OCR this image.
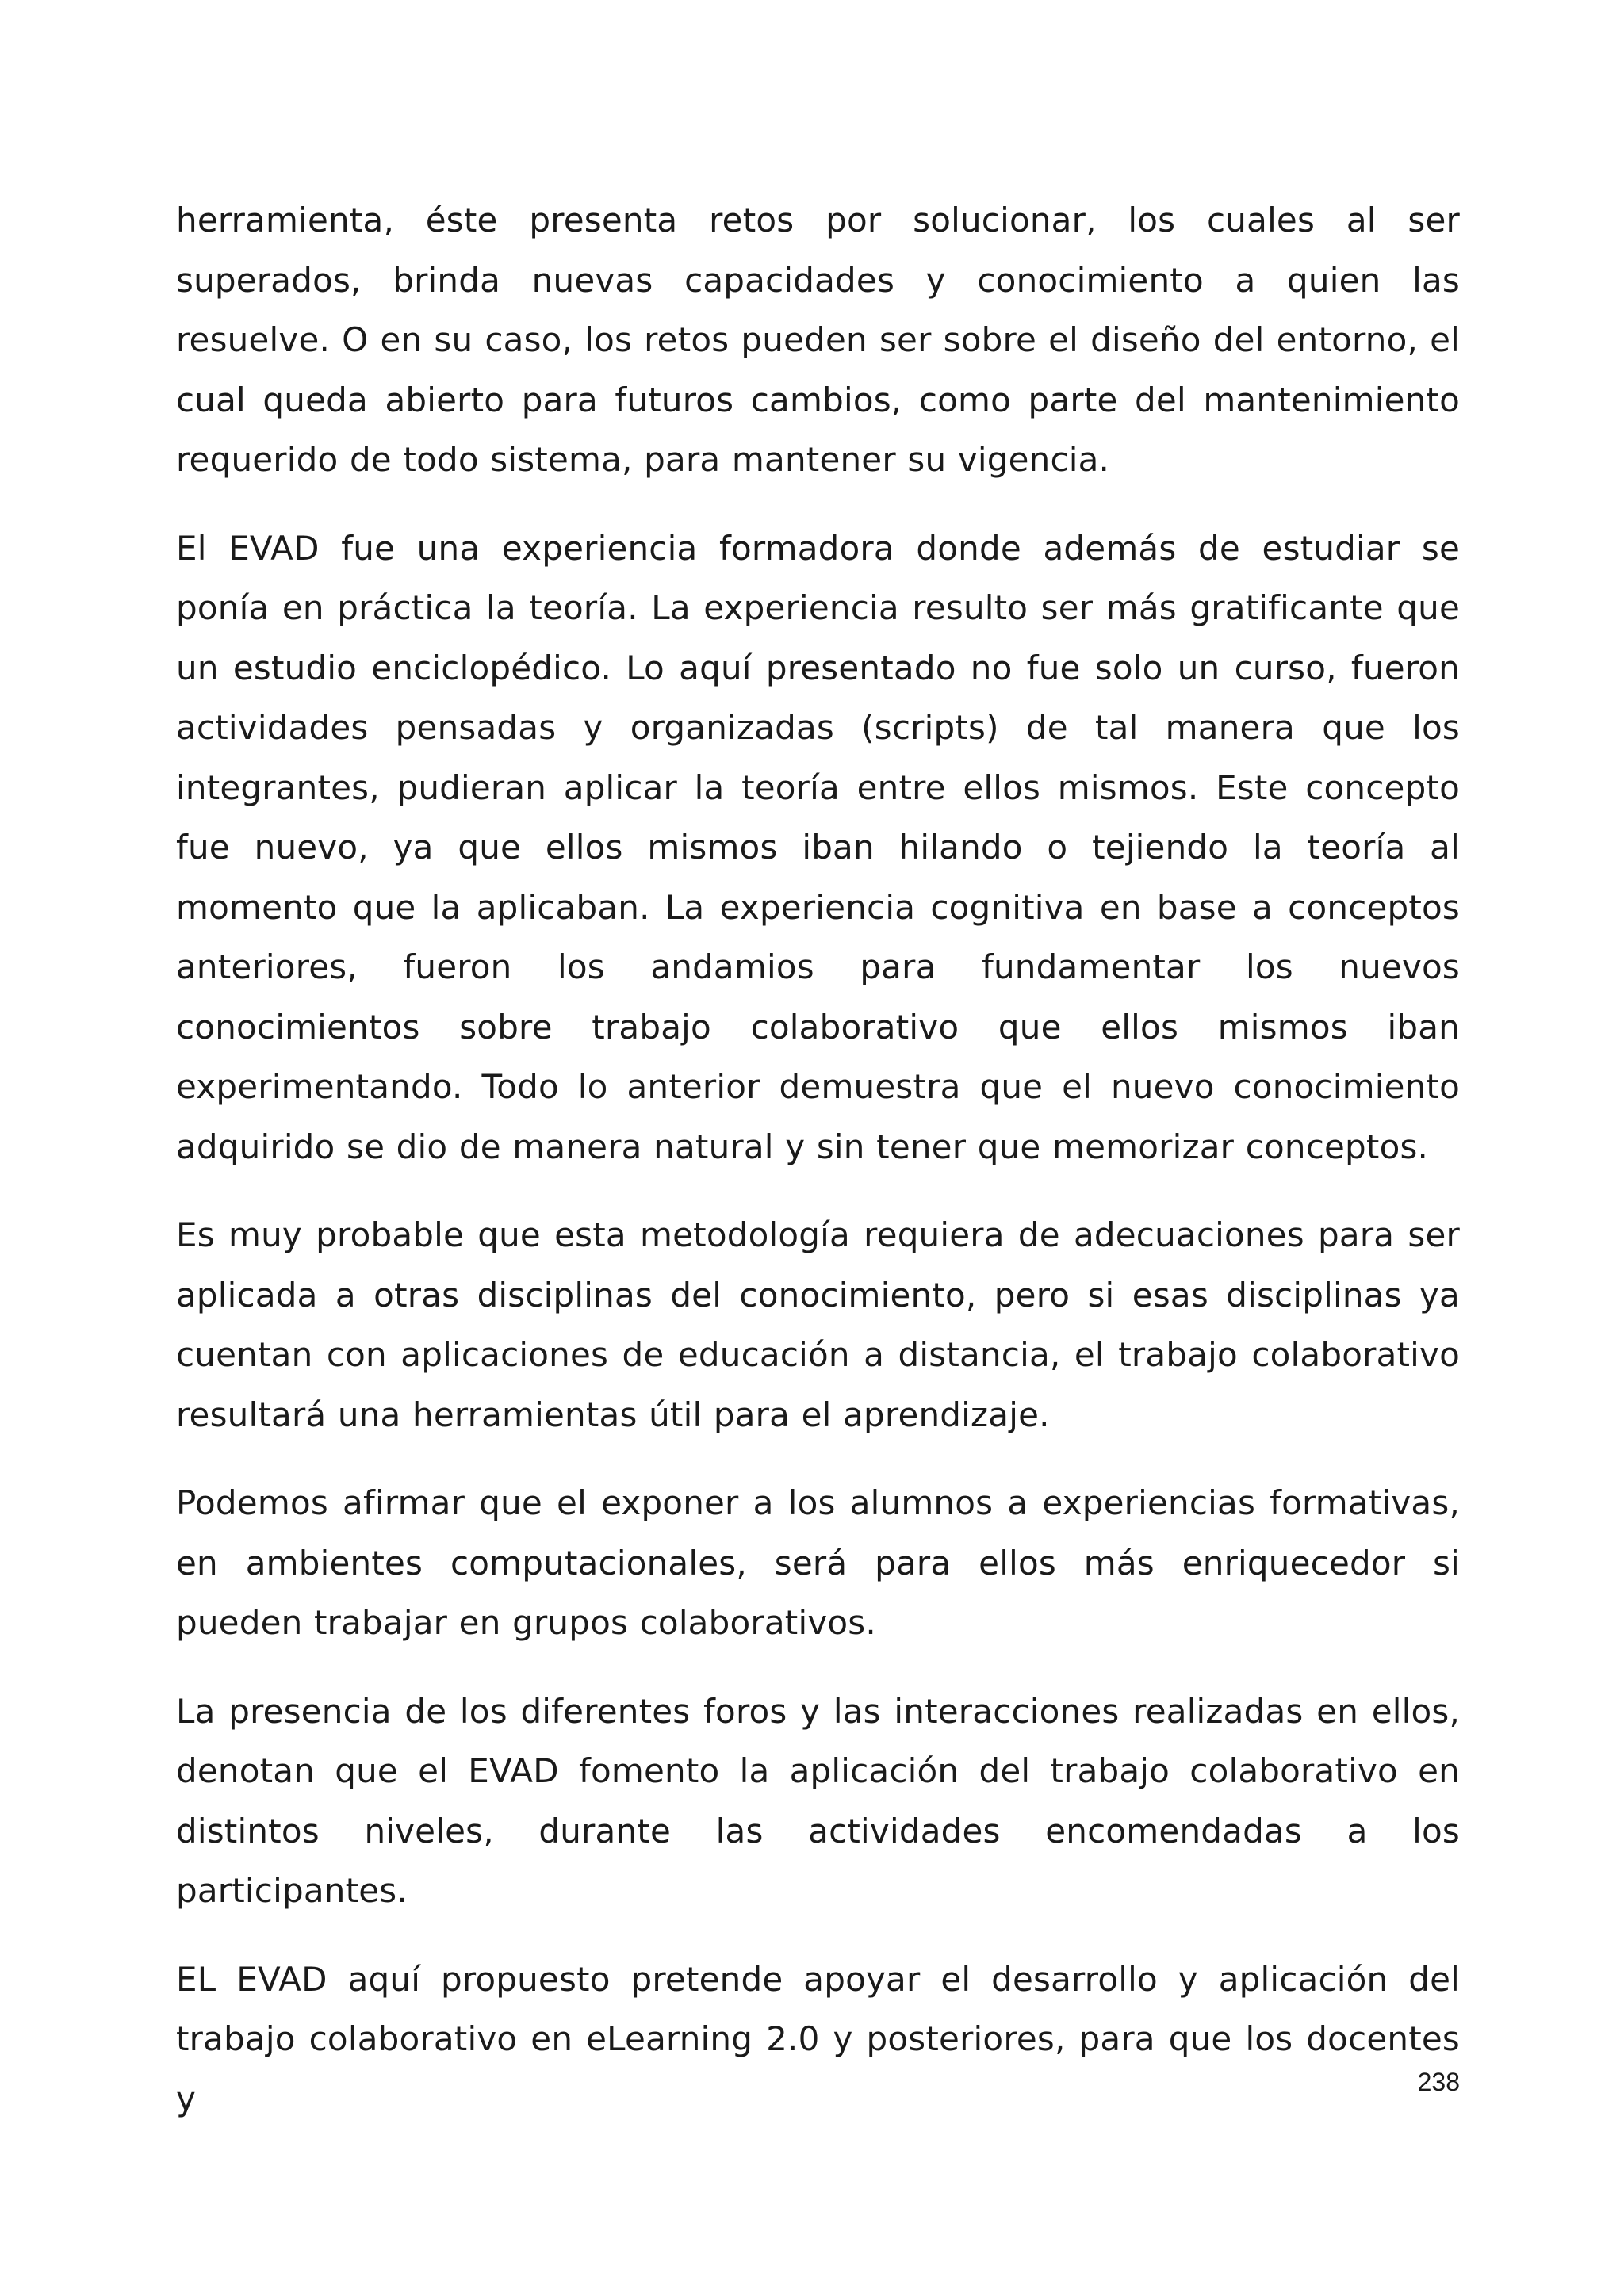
herramienta, éste presenta retos por solucionar, los cuales al ser superados, brinda nuevas capacidades y conocimiento a quien las resuelve. O en su caso, los retos pueden ser sobre el diseño del entorno, el cual queda abierto para futuros cambios, como parte del mantenimiento requerido de todo sistema, para mantener su vigencia.

El EVAD fue una experiencia formadora donde además de estudiar se ponía en práctica la teoría. La experiencia resulto ser más gratificante que un estudio enciclopédico. Lo aquí presentado no fue solo un curso, fueron actividades pensadas y organizadas (scripts) de tal manera que los integrantes, pudieran aplicar la teoría entre ellos mismos. Este concepto fue nuevo, ya que ellos mismos iban hilando o tejiendo la teoría al momento que la aplicaban. La experiencia cognitiva en base a conceptos anteriores, fueron los andamios para fundamentar los nuevos conocimientos sobre trabajo colaborativo que ellos mismos iban experimentando. Todo lo anterior demuestra que el nuevo conocimiento adquirido se dio de manera natural y sin tener que memorizar conceptos.

Es muy probable que esta metodología requiera de adecuaciones para ser aplicada a otras disciplinas del conocimiento, pero si esas disciplinas ya cuentan con aplicaciones de educación a distancia, el trabajo colaborativo resultará una herramientas útil para el aprendizaje.

Podemos afirmar que el exponer a los alumnos a experiencias formativas, en ambientes computacionales, será para ellos más enriquecedor si pueden trabajar en grupos colaborativos.

La presencia de los diferentes foros y las interacciones realizadas en ellos, denotan que el EVAD fomento la aplicación del trabajo colaborativo en distintos niveles, durante las actividades encomendadas a los participantes.

EL EVAD aquí propuesto pretende apoyar el desarrollo y aplicación del trabajo colaborativo en eLearning 2.0 y posteriores, para que los docentes y	238
